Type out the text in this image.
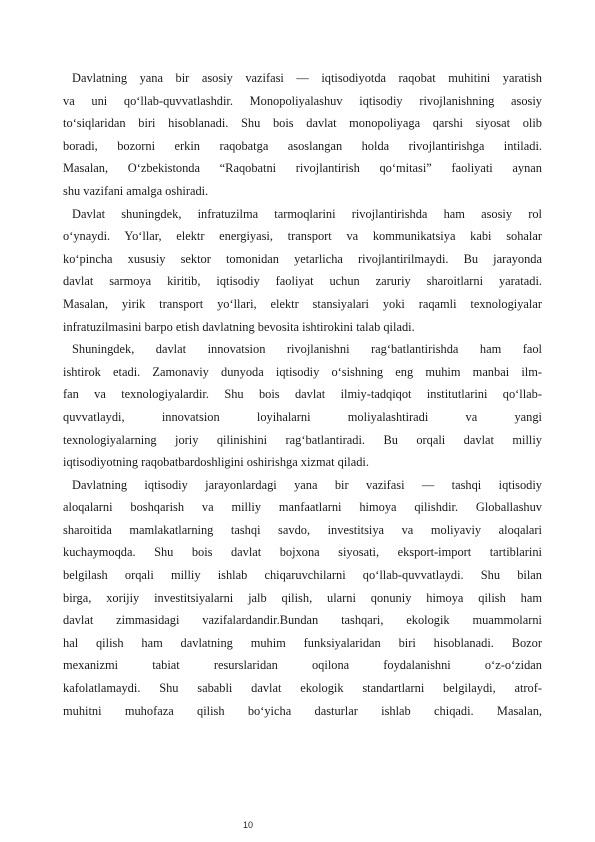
Davlatning yana bir asosiy vazifasi — iqtisodiyotda raqobat muhitini yaratish
va uni qo‘llab-quvvatlashdir. Monopoliyalashuv iqtisodiy rivojlanishning asosiy
to‘siqlaridan biri hisoblanadi. Shu bois davlat monopoliyaga qarshi siyosat olib
boradi, bozorni erkin raqobatga asoslangan holda rivojlantirishga intiladi.
Masalan, O‘zbekistonda “Raqobatni rivojlantirish qo‘mitasi” faoliyati aynan
shu vazifani amalga oshiradi.
Davlat shuningdek, infratuzilma tarmoqlarini rivojlantirishda ham asosiy rol
o‘ynaydi. Yo‘llar, elektr energiyasi, transport va kommunikatsiya kabi sohalar
ko‘pincha xususiy sektor tomonidan yetarlicha rivojlantirilmaydi. Bu jarayonda
davlat sarmoya kiritib, iqtisodiy faoliyat uchun zaruriy sharoitlarni yaratadi.
Masalan, yirik transport yo‘llari, elektr stansiyalari yoki raqamli texnologiyalar
infratuzilmasini barpo etish davlatning bevosita ishtirokini talab qiladi.
Shuningdek, davlat innovatsion rivojlanishni rag‘batlantirishda ham faol
ishtirok etadi. Zamonaviy dunyoda iqtisodiy o‘sishning eng muhim manbai ilm-
fan va texnologiyalardir. Shu bois davlat ilmiy-tadqiqot institutlarini qo‘llab-
quvvatlaydi, innovatsion loyihalarni moliyalashtiradi va yangi
texnologiyalarning joriy qilinishini rag‘batlantiradi. Bu orqali davlat milliy
iqtisodiyotning raqobatbardoshligini oshirishga xizmat qiladi.
Davlatning iqtisodiy jarayonlardagi yana bir vazifasi — tashqi iqtisodiy
aloqalarni boshqarish va milliy manfaatlarni himoya qilishdir. Globallashuv
sharoitida mamlakatlarning tashqi savdo, investitsiya va moliyaviy aloqalari
kuchaymoqda. Shu bois davlat bojxona siyosati, eksport-import tartiblarini
belgilash orqali milliy ishlab chiqaruvchilarni qo‘llab-quvvatlaydi. Shu bilan
birga, xorijiy investitsiyalarni jalb qilish, ularni qonuniy himoya qilish ham
davlat zimmasidagi vazifalardandir.Bundan tashqari, ekologik muammolarni
hal qilish ham davlatning muhim funksiyalaridan biri hisoblanadi. Bozor
mexanizmi tabiat resurslaridan oqilona foydalanishni o‘z-o‘zidan
kafolatlamaydi. Shu sababli davlat ekologik standartlarni belgilaydi, atrof-
muhitni muhofaza qilish bo‘yicha dasturlar ishlab chiqadi. Masalan,
10
